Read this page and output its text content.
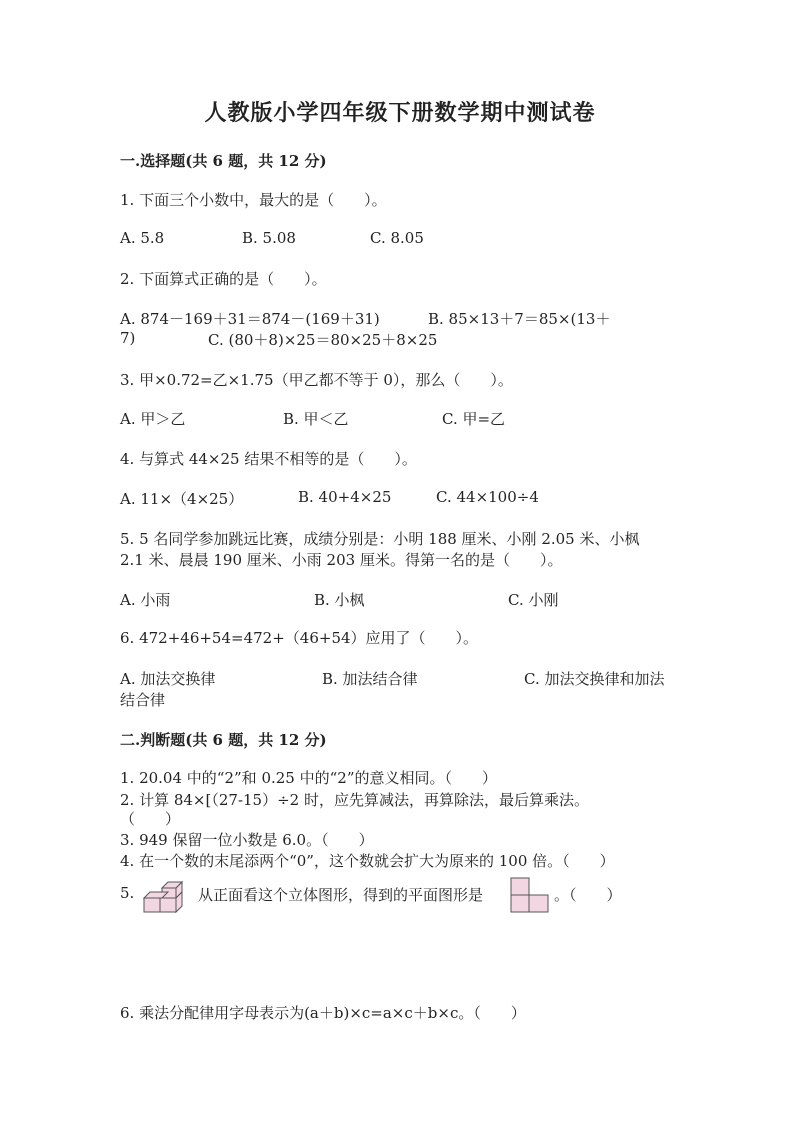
人教版小学四年级下册数学期中测试卷
一.选择题(共 6 题，共 12 分)
1. 下面三个小数中，最大的是（　　）。
A. 5.8	B. 5.08	C. 8.05
2. 下面算式正确的是（　　）。
A. 874－169＋31＝874－(169＋31)	B. 85×13＋7＝85×(13＋
7)	C. (80＋8)×25＝80×25＋8×25
3. 甲×0.72=乙×1.75（甲乙都不等于 0），那么（　　）。
A. 甲＞乙	B. 甲＜乙	C. 甲=乙
4. 与算式 44×25 结果不相等的是（　　）。
A. 11×（4×25）	B. 40+4×25	C. 44×100÷4
5. 5 名同学参加跳远比赛，成绩分别是：小明 188 厘米、小刚 2.05 米、小枫
2.1 米、晨晨 190 厘米、小雨 203 厘米。得第一名的是（　　）。
A. 小雨	B. 小枫	C. 小刚
6. 472+46+54=472+（46+54）应用了（　　）。
A. 加法交换律	B. 加法结合律	C. 加法交换律和加法
结合律
二.判断题(共 6 题，共 12 分)
1. 20.04 中的“2”和 0.25 中的“2”的意义相同。（　　）
2. 计算 84×[（27-15）÷2 时，应先算减法，再算除法，最后算乘法。
（　　）
3. 949 保留一位小数是 6.0。（　　）
4. 在一个数的末尾添两个“0”，这个数就会扩大为原来的 100 倍。（　　）
5.	从正面看这个立体图形，得到的平面图形是	。（　　）
6. 乘法分配律用字母表示为(a＋b)×c=a×c＋b×c。（　　）
